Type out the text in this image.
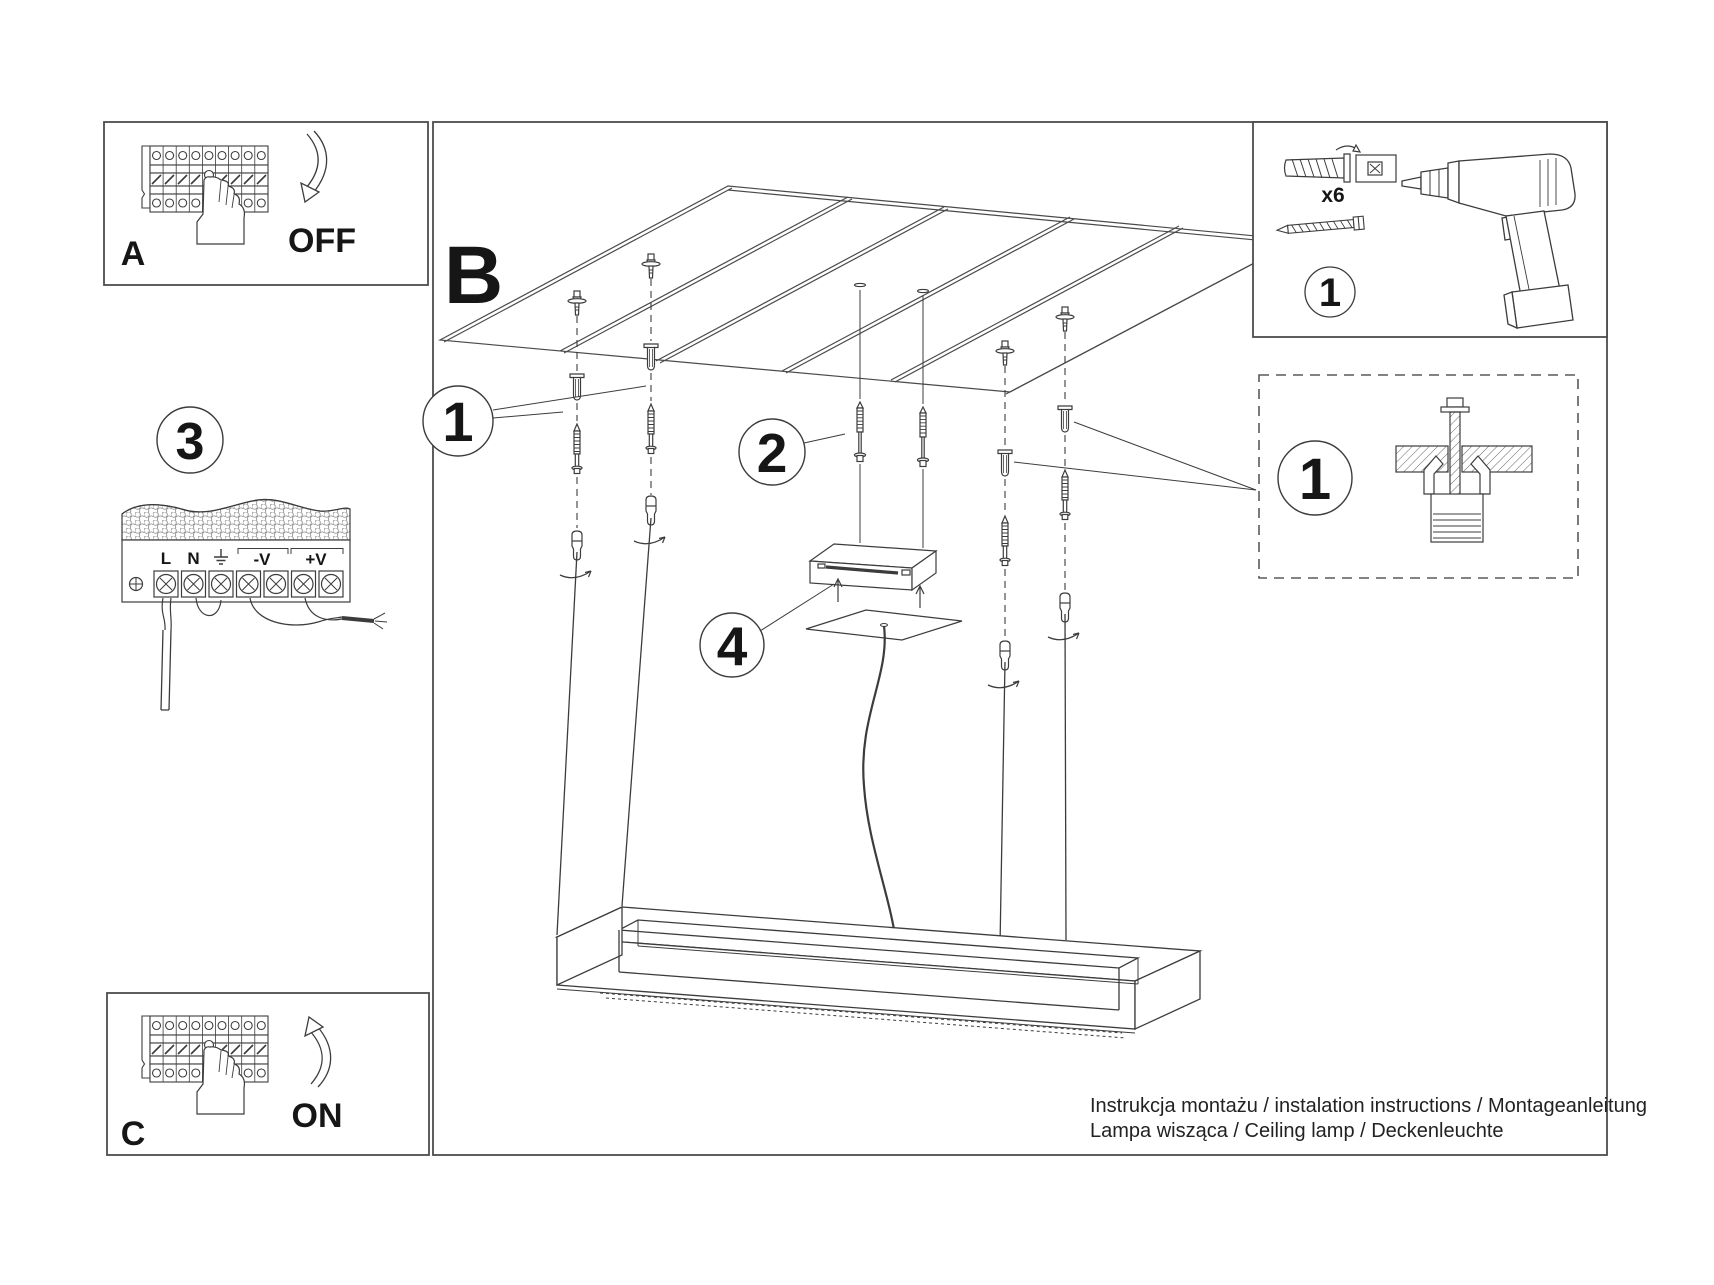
B
1	2
4
Instrukcja montażu / instalation instructions / Montageanleitung
Lampa wisząca / Ceiling lamp / Deckenleuchte
OFF
A
ON
C
3
L N	-V +V
x6
1
1
